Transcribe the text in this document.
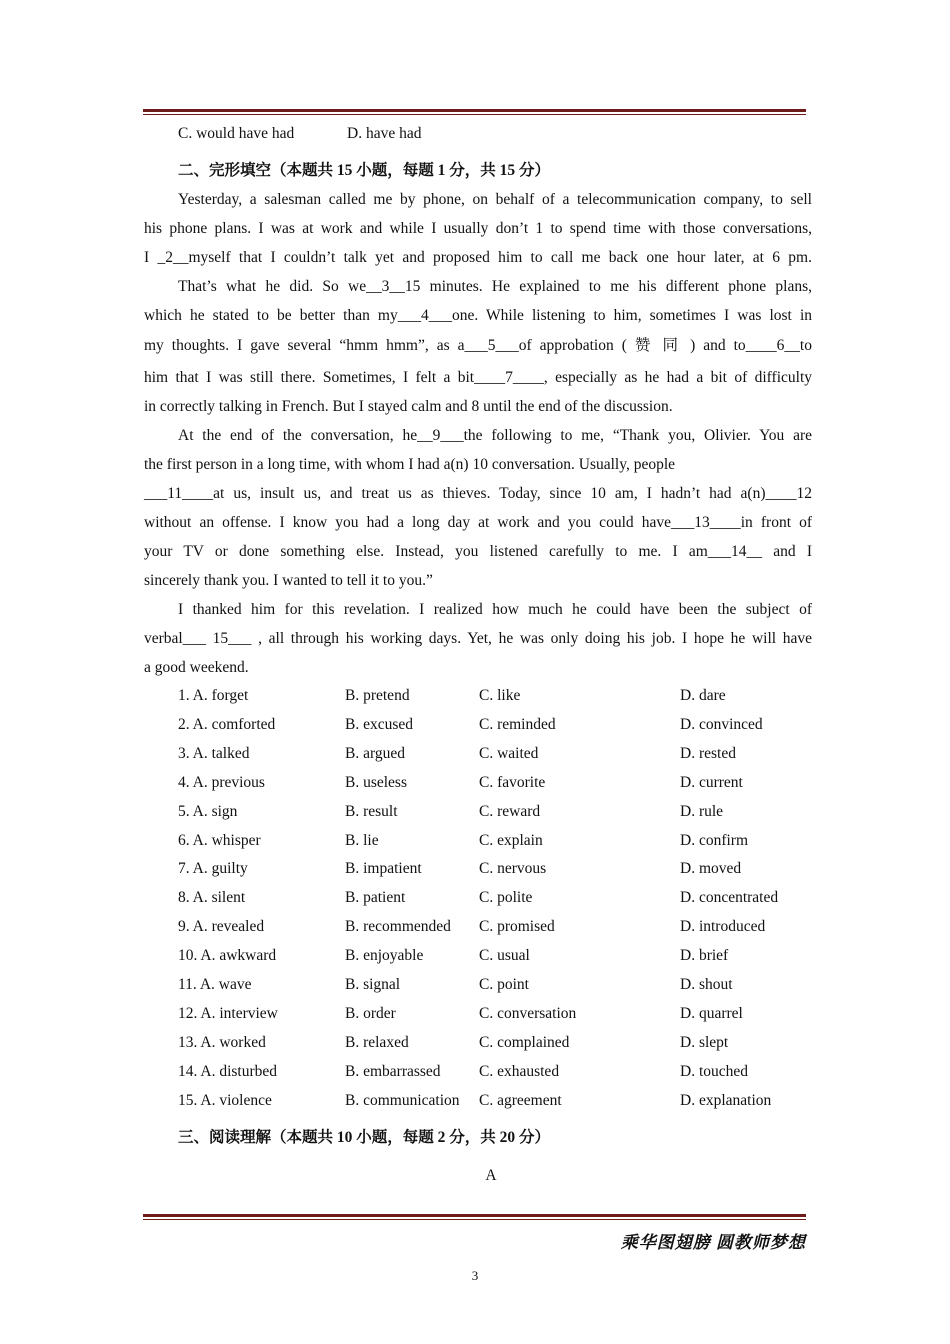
C. would have had	D. have had
二、完形填空（本题共 15 小题，每题 1 分，共 15 分）
Yesterday, a salesman called me by phone, on behalf of a telecommunication company, to sell
his phone plans. I was at work and while I usually don’t 1 to spend time with those conversations,
I _2__myself that I couldn’t talk yet and proposed him to call me back one hour later, at 6 pm.
That’s what he did. So we__3__15 minutes. He explained to me his different phone plans,
which he stated to be better than my___4___one. While listening to him, sometimes I was lost in
my thoughts. I gave several “hmm hmm”, as a___5___of approbation ( 赞 同 ) and to____6__to
him that I was still there. Sometimes, I felt a bit____7____, especially as he had a bit of difficulty
in correctly talking in French. But I stayed calm and 8 until the end of the discussion.
At the end of the conversation, he__9___the following to me, “Thank you, Olivier. You are
the first person in a long time, with whom I had a(n) 10 conversation. Usually, people
___11____at us, insult us, and treat us as thieves. Today, since 10 am, I hadn’t had a(n)____12
without an offense. I know you had a long day at work and you could have___13____in front of
your TV or done something else. Instead, you listened carefully to me. I am___14__ and I
sincerely thank you. I wanted to tell it to you.”
I thanked him for this revelation. I realized how much he could have been the subject of
verbal___ 15___ , all through his working days. Yet, he was only doing his job. I hope he will have
a good weekend.
1. A. forget	B. pretend	C. like	D. dare
2. A. comforted	B. excused	C. reminded	D. convinced
3. A. talked	B. argued	C. waited	D. rested
4. A. previous	B. useless	C. favorite	D. current
5. A. sign	B. result	C. reward	D. rule
6. A. whisper	B. lie	C. explain	D. confirm
7. A. guilty	B. impatient	C. nervous	D. moved
8. A. silent	B. patient	C. polite	D. concentrated
9. A. revealed	B. recommended C. promised	D. introduced
10. A. awkward	B. enjoyable	C. usual	D. brief
11. A. wave	B. signal	C. point	D. shout
12. A. interview	B. order	C. conversation	D. quarrel
13. A. worked	B. relaxed	C. complained	D. slept
14. A. disturbed	B. embarrassed C. exhausted	D. touched
15. A. violence	B. communication C. agreement	D. explanation
三、阅读理解（本题共 10 小题，每题 2 分，共 20 分）
A
乘华图翅膀 圆教师梦想
3
